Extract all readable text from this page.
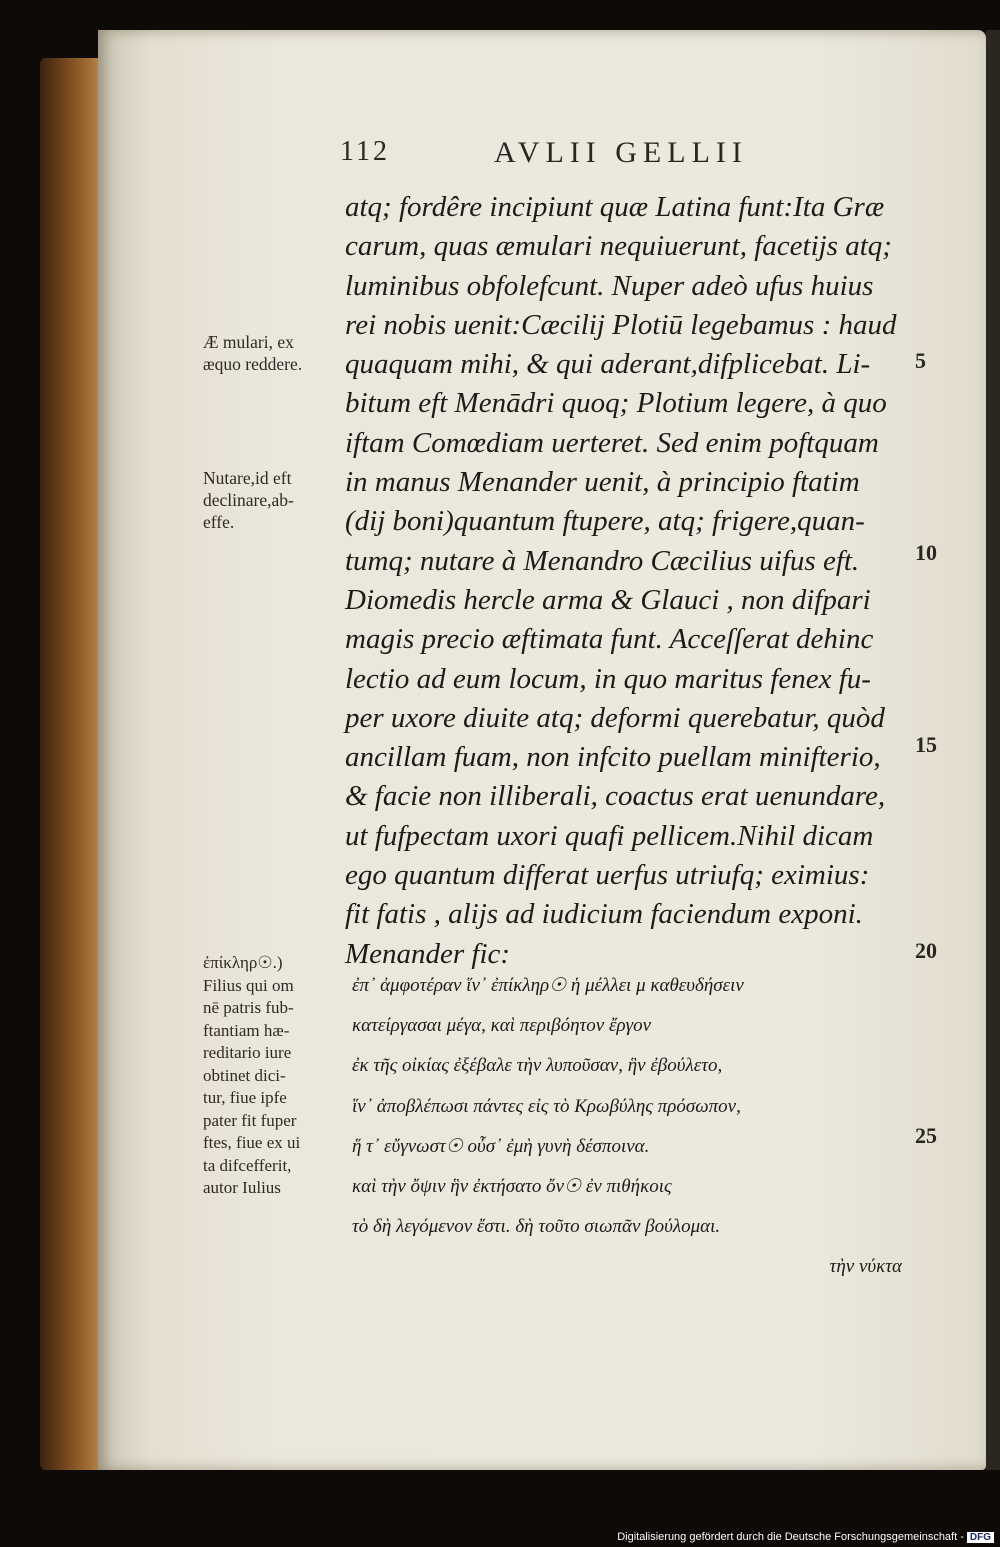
112	AVLII GELLII
atq; fordêre incipiunt quæ Latina funt:Ita Græ
carum, quas æmulari nequiuerunt, facetijs atq;
luminibus obfolefcunt. Nuper adeò ufus huius
rei nobis uenit:Cæcilij Plotiū legebamus : haud
quaquam mihi, & qui aderant,difplicebat. Li-
bitum eft Menādri quoq; Plotium legere, à quo
iftam Comœdiam uerteret. Sed enim poftquam
in manus Menander uenit, à principio ftatim
(dij boni)quantum ftupere, atq; frigere,quan-
tumq; nutare à Menandro Cæcilius uifus eft.
Diomedis hercle arma & Glauci , non difpari
magis precio æftimata funt. Acceſſerat dehinc
lectio ad eum locum, in quo maritus fenex fu-
per uxore diuite atq; deformi querebatur, quòd
ancillam fuam, non infcito puellam minifterio,
& facie non illiberali, coactus erat uenundare,
ut fufpectam uxori quafi pellicem.Nihil dicam
ego quantum differat uerfus utriufq; eximius:
fit fatis , alijs ad iudicium faciendum exponi.
Menander fic:
ἐπ᾽ ἀμφοτέραν ἵν᾽ ἐπίκληρ☉ ἡ μέλλει μ καθευδήσειν
κατείργασαι μέγα, καὶ περιβόητον ἔργον
ἐκ τῆς οἰκίας ἐξέβαλε τὴν λυποῦσαν, ἣν ἐβούλετο,
ἵν᾽ ἀποβλέπωσι πάντες εἰς τὸ Κρωβύλης πρόσωπον,
ἥ τ᾽ εὔγνωστ☉ οὖσ᾽ ἐμὴ γυνὴ δέσποινα.
καὶ τὴν ὄψιν ἣν ἐκτήσατο ὄν☉ ἐν πιθήκοις
τὸ δὴ λεγόμενον ἔστι. δὴ τοῦτο σιωπᾶν βούλομαι.
τὴν νύκτα
Æ mulari, ex
æquo reddere.
Nutare,id eft
declinare,ab-
effe.
ἐπίκληρ☉.)
Filius qui om
nē patris fub-
ftantiam hæ-
reditario iure
obtinet dici-
tur, fiue ipfe
pater fit fuper
ftes, fiue ex ui
ta difcefferit,
autor Iulius
5
10
15
20
25
Digitalisierung gefördert durch die Deutsche Forschungsgemeinschaft - DFG
